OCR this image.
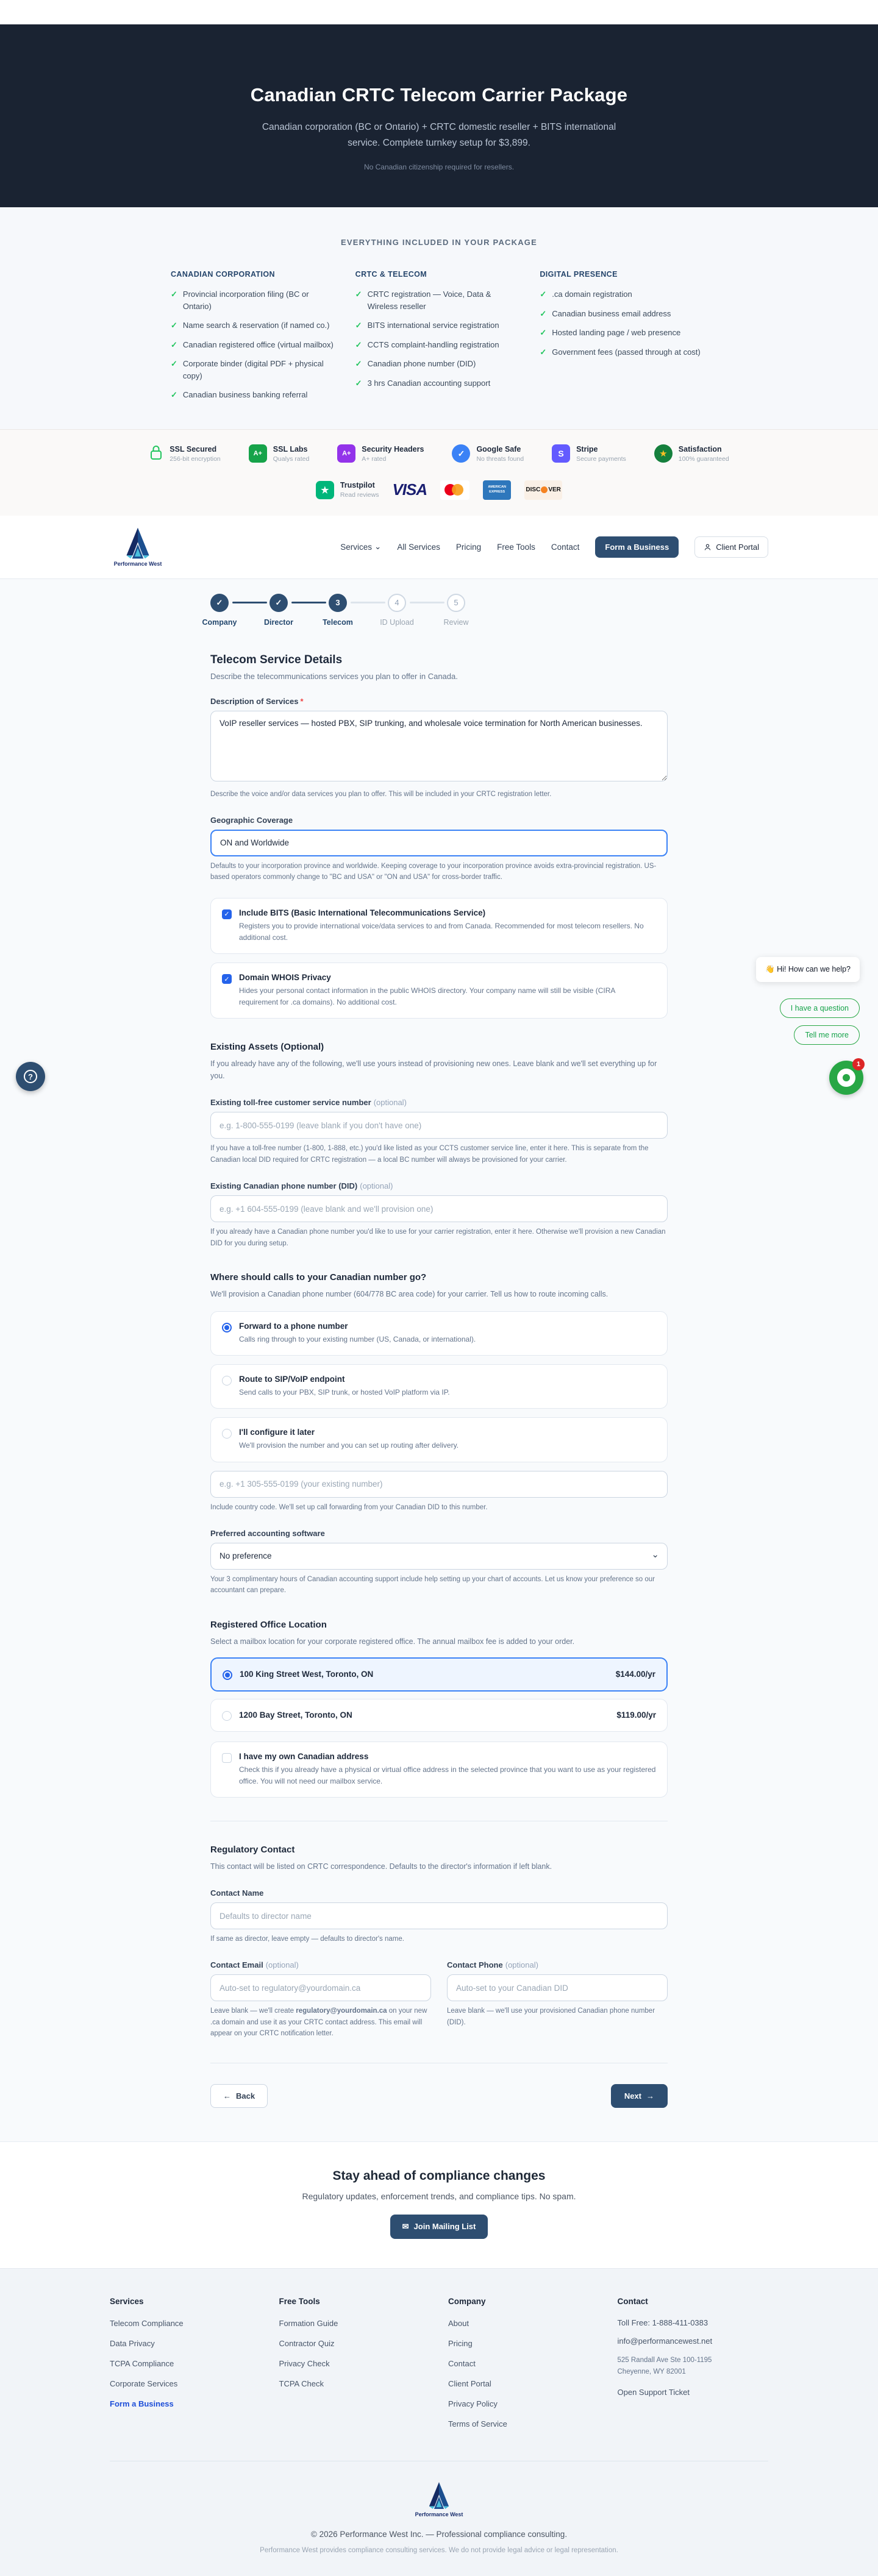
Canadian CRTC Telecom Carrier Package

Canadian corporation (BC or Ontario) + CRTC domestic reseller + BITS international service. Complete turnkey setup for $3,899.

No Canadian citizenship required for resellers.

EVERYTHING INCLUDED IN YOUR PACKAGE
CANADIAN CORPORATION
✓ Provincial incorporation filing (BC or Ontario)
✓ Name search & reservation (if named co.)
✓ Canadian registered office (virtual mailbox)
✓ Corporate binder (digital PDF + physical copy)
✓ Canadian business banking referral
CRTC & TELECOM
✓ CRTC registration — Voice, Data & Wireless reseller
✓ BITS international service registration
✓ CCTS complaint-handling registration
✓ Canadian phone number (DID)
✓ 3 hrs Canadian accounting support
DIGITAL PRESENCE
✓ .ca domain registration
✓ Canadian business email address
✓ Hosted landing page / web presence
✓ Government fees (passed through at cost)
SSL Secured
256-bit encryption
A+
SSL Labs
Qualys rated
A+
Security Headers
A+ rated
✓	Google Safe
No threats found
S	Stripe
Secure payments	★	Satisfaction
100% guaranteed
★	Trustpilot
Read reviews VISA	AMERICAN EXPRESS	DISC VER
Performance West
Services ⌄ All Services Pricing Free Tools Contact	Form a Business	Client Portal
✓	✓	3	4	5
Company	Director	Telecom	ID Upload	Review
Telecom Service Details

Describe the telecommunications services you plan to offer in Canada.

Description of Services *
VoIP reseller services — hosted PBX, SIP trunking, and wholesale voice termination for North American businesses.

Describe the voice and/or data services you plan to offer. This will be included in your CRTC registration letter.

Geographic Coverage
ON and Worldwide

Defaults to your incorporation province and worldwide. Keeping coverage to your incorporation province avoids extra-provincial registration. US-based operators commonly change to "BC and USA" or "ON and USA" for cross-border traffic.

✓ Include BITS (Basic International Telecommunications Service)
Registers you to provide international voice/data services to and from Canada. Recommended for most telecom resellers. No additional cost.
✓ Domain WHOIS Privacy
Hides your personal contact information in the public WHOIS directory. Your company name will still be visible (CIRA requirement for .ca domains). No additional cost.
Existing Assets (Optional)

If you already have any of the following, we'll use yours instead of provisioning new ones. Leave blank and we'll set everything up for you.

Existing toll-free customer service number (optional)
e.g. 1-800-555-0199 (leave blank if you don't have one)

If you have a toll-free number (1-800, 1-888, etc.) you'd like listed as your CCTS customer service line, enter it here. This is separate from the Canadian local DID required for CRTC registration — a local BC number will always be provisioned for your carrier.

Existing Canadian phone number (DID) (optional)
e.g. +1 604-555-0199 (leave blank and we'll provision one)

If you already have a Canadian phone number you'd like to use for your carrier registration, enter it here. Otherwise we'll provision a new Canadian DID for you during setup.

Where should calls to your Canadian number go?

We'll provision a Canadian phone number (604/778 BC area code) for your carrier. Tell us how to route incoming calls.

Forward to a phone number
Calls ring through to your existing number (US, Canada, or international).
Route to SIP/VoIP endpoint
Send calls to your PBX, SIP trunk, or hosted VoIP platform via IP.
I'll configure it later
We'll provision the number and you can set up routing after delivery.
e.g. +1 305-555-0199 (your existing number)

Include country code. We'll set up call forwarding from your Canadian DID to this number.

Preferred accounting software
No preference
⌄

Your 3 complimentary hours of Canadian accounting support include help setting up your chart of accounts. Let us know your preference so our accountant can prepare.

Registered Office Location

Select a mailbox location for your corporate registered office. The annual mailbox fee is added to your order.

100 King Street West, Toronto, ON	$144.00/yr
1200 Bay Street, Toronto, ON	$119.00/yr
I have my own Canadian address
Check this if you already have a physical or virtual office address in the selected province that you want to use as your registered office. You will not need our mailbox service.
Regulatory Contact

This contact will be listed on CRTC correspondence. Defaults to the director's information if left blank.

Contact Name
Defaults to director name

If same as director, leave empty — defaults to director's name.

Contact Email (optional)
Auto-set to regulatory@yourdomain.ca

Leave blank — we'll create regulatory@yourdomain.ca on your new .ca domain and use it as your CRTC contact address. This email will appear on your CRTC notification letter.

Contact Phone (optional)
Auto-set to your Canadian DID

Leave blank — we'll use your provisioned Canadian phone number (DID).

← Back	Next →
Stay ahead of compliance changes

Regulatory updates, enforcement trends, and compliance tips. No spam.

✉ Join Mailing List
Services
Telecom Compliance
Data Privacy
TCPA Compliance
Corporate Services
Form a Business
Free Tools
Formation Guide
Contractor Quiz
Privacy Check
TCPA Check
Company
About
Pricing
Contact
Client Portal
Privacy Policy
Terms of Service
Contact
Toll Free: 1-888-411-0383
info@performancewest.net
525 Randall Ave Ste 100-1195
Cheyenne, WY 82001
Open Support Ticket
Performance West
© 2026 Performance West Inc. — Professional compliance consulting.
Performance West provides compliance consulting services. We do not provide legal advice or legal representation.
?
👋 Hi! How can we help?
I have a question
Tell me more
1
